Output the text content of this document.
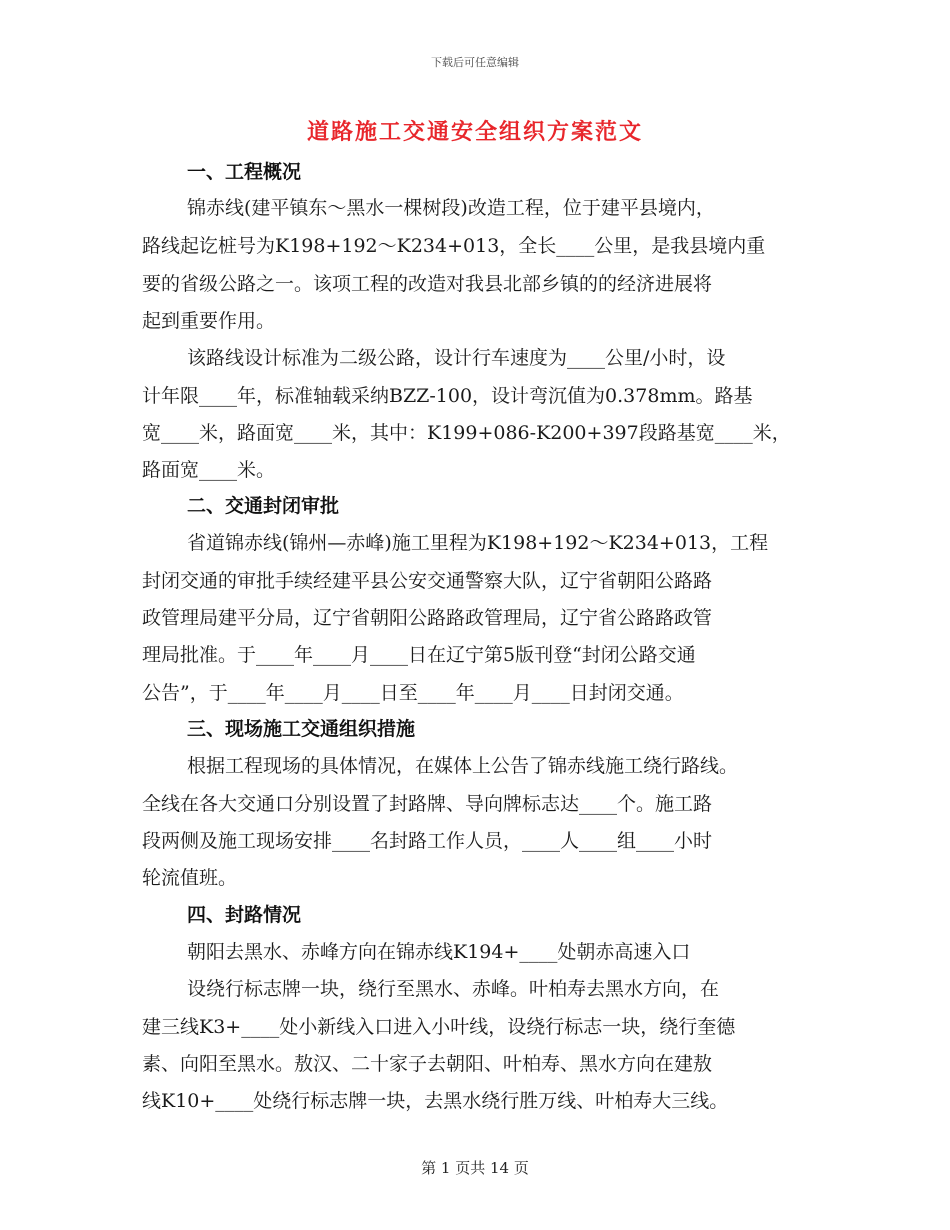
下载后可任意编辑
道路施工交通安全组织方案范文
一、工程概况
锦赤线(建平镇东～黑水一棵树段)改造工程，位于建平县境内，
路线起讫桩号为K198+192～K234+013，全长____公里，是我县境内重
要的省级公路之一。该项工程的改造对我县北部乡镇的的经济进展将
起到重要作用。
该路线设计标准为二级公路，设计行车速度为____公里/小时，设
计年限____年，标准轴载采纳BZZ-100，设计弯沉值为0.378mm。路基
宽____米，路面宽____米，其中：K199+086-K200+397段路基宽____米，
路面宽____米。
二、交通封闭审批
省道锦赤线(锦州—赤峰)施工里程为K198+192～K234+013，工程
封闭交通的审批手续经建平县公安交通警察大队，辽宁省朝阳公路路
政管理局建平分局，辽宁省朝阳公路路政管理局，辽宁省公路路政管
理局批准。于____年____月____日在辽宁第5版刊登“封闭公路交通
公告”，于____年____月____日至____年____月____日封闭交通。
三、现场施工交通组织措施
根据工程现场的具体情况，在媒体上公告了锦赤线施工绕行路线。
全线在各大交通口分别设置了封路牌、导向牌标志达____个。施工路
段两侧及施工现场安排____名封路工作人员，____人____组____小时
轮流值班。
四、封路情况
朝阳去黑水、赤峰方向在锦赤线K194+____处朝赤高速入口
设绕行标志牌一块，绕行至黑水、赤峰。叶柏寿去黑水方向，在
建三线K3+____处小新线入口进入小叶线，设绕行标志一块，绕行奎德
素、向阳至黑水。敖汉、二十家子去朝阳、叶柏寿、黑水方向在建敖
线K10+____处绕行标志牌一块，去黑水绕行胜万线、叶柏寿大三线。
第 1 页共 14 页
